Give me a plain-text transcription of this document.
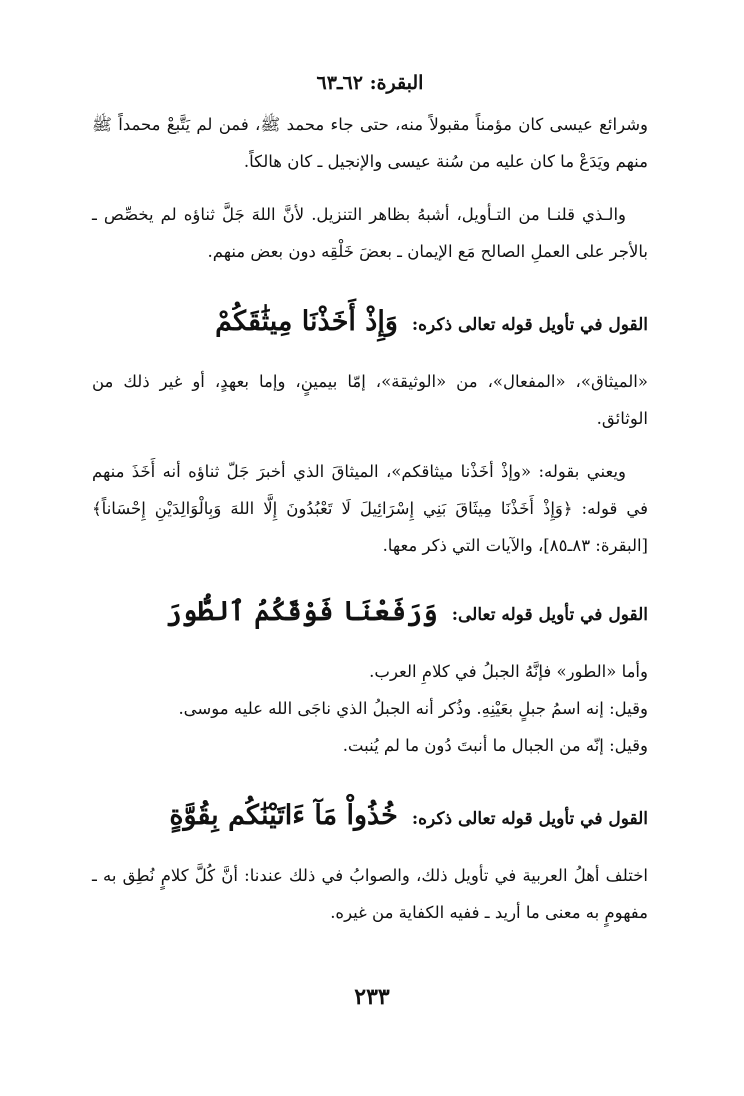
البقرة: ٦٢ـ٦٣

وشرائع عيسى كان مؤمناً مقبولاً منه، حتى جاء محمد ﷺ، فمن لم يَتَّبعْ محمداً ﷺ منهم ويَدَعْ ما كان عليه من سُنة عيسى والإنجيل ـ كان هالكاً.

والـذي قلنـا من التـأويل، أشبهُ بظاهر التنزيل. لأنَّ اللهَ جَلَّ ثناؤه لم يخصِّص ـ بالأجر على العملِ الصالح مَع الإيمان ـ بعضَ خَلْقِه دون بعض منهم.

القول في تأويل قوله تعالى ذكره:
وَإِذْ أَخَذْنَا مِيثَٰقَكُمْ

«الميثاق»، «المفعال»، من «الوثيقة»، إمّا بيمينٍ، وإما بعهدٍ، أو غير ذلك من الوثائق.

ويعني بقوله: «وإذْ أخَذْنا ميثاقكم»، الميثاقَ الذي أخبرَ جَلّ ثناؤه أنه أَخَذَ منهم في قوله: ﴿وَإِذْ أَخَذْنَا مِيثَاقَ بَنِي إِسْرَائِيلَ لَا تَعْبُدُونَ إِلَّا اللهَ وَبِالْوَالِدَيْنِ إِحْسَاناً﴾ [البقرة: ٨٣ـ٨٥]، والآيات التي ذكر معها.

القول في تأويل قوله تعالى:
وَرَفَعْنَا فَوْقَكُمُ ٱلطُّورَ

وأما «الطور» فإنَّهُ الجبلُ في كلامِ العرب.

وقيل: إنه اسمُ جبلٍ بعَيْنِهِ. وذُكر أنه الجبلُ الذي ناجَى الله عليه موسى.

وقيل: إنّه من الجبال ما أنبتَ دُون ما لم يُنبت.

القول في تأويل قوله تعالى ذكره:
خُذُواْ مَآ ءَاتَيْنَٰكُم بِقُوَّةٍ

اختلف أهلُ العربية في تأويل ذلك، والصوابُ في ذلك عندنا: أنَّ كُلَّ كلامٍ نُطِق به ـ مفهومٍ به معنى ما أريد ـ ففيه الكفاية من غيره.

٢٣٣
